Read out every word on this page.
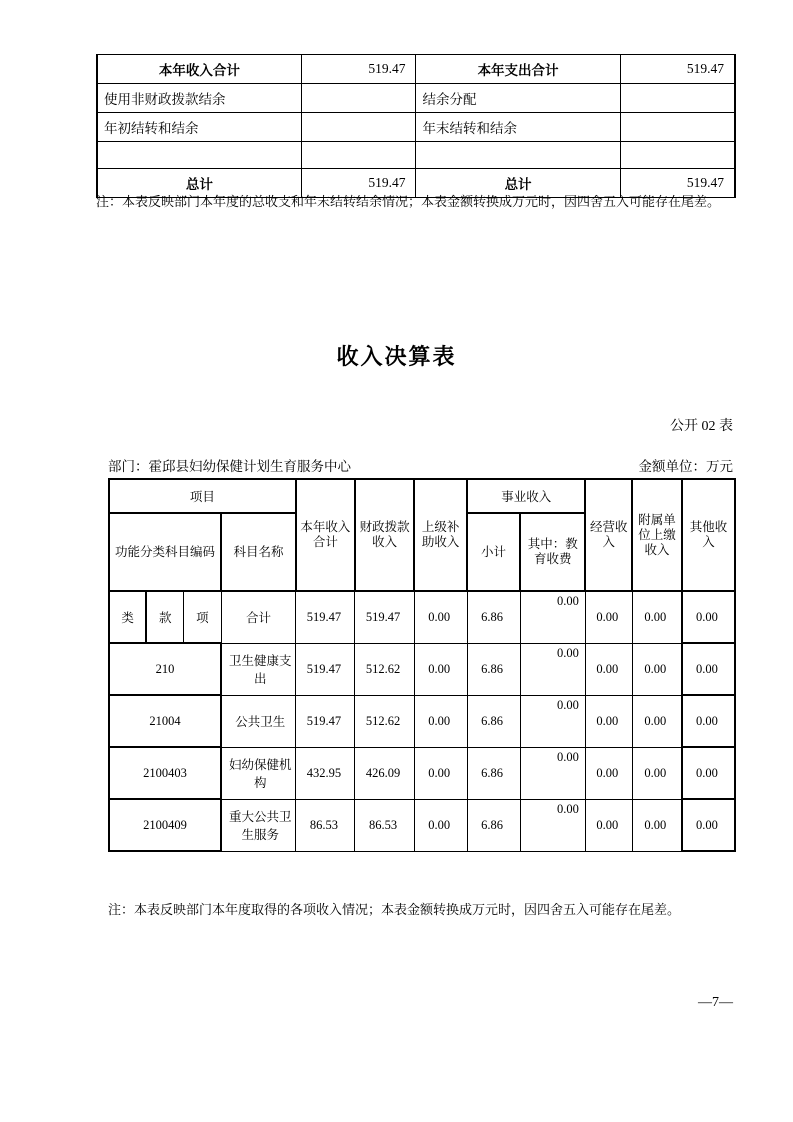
本年收入合计	519.47	本年支出合计	519.47
使用非财政拨款结余		结余分配	
年初结转和结余		年末结转和结余	

总计	519.47	总计	519.47
注：本表反映部门本年度的总收支和年末结转结余情况；本表金额转换成万元时，因四舍五入可能存在尾差。
收入决算表
公开 02 表
部门：霍邱县妇幼保健计划生育服务中心	金额单位：万元
项目				本年收入合计	财政拨款收入	上级补助收入	事业收入		经营收入	附属单位上缴收入	其他收入
功能分类科目编码			科目名称				小计	其中：教育收费			

类	款	项	合计	519.47	519.47	0.00	6.86	0.00	0.00	0.00	0.00
210			卫生健康支出	519.47	512.62	0.00	6.86	0.00	0.00	0.00	0.00
21004			公共卫生	519.47	512.62	0.00	6.86	0.00	0.00	0.00	0.00
2100403			妇幼保健机构	432.95	426.09	0.00	6.86	0.00	0.00	0.00	0.00
2100409			重大公共卫生服务	86.53	86.53	0.00	6.86	0.00	0.00	0.00	0.00
注：本表反映部门本年度取得的各项收入情况；本表金额转换成万元时，因四舍五入可能存在尾差。
—7—
